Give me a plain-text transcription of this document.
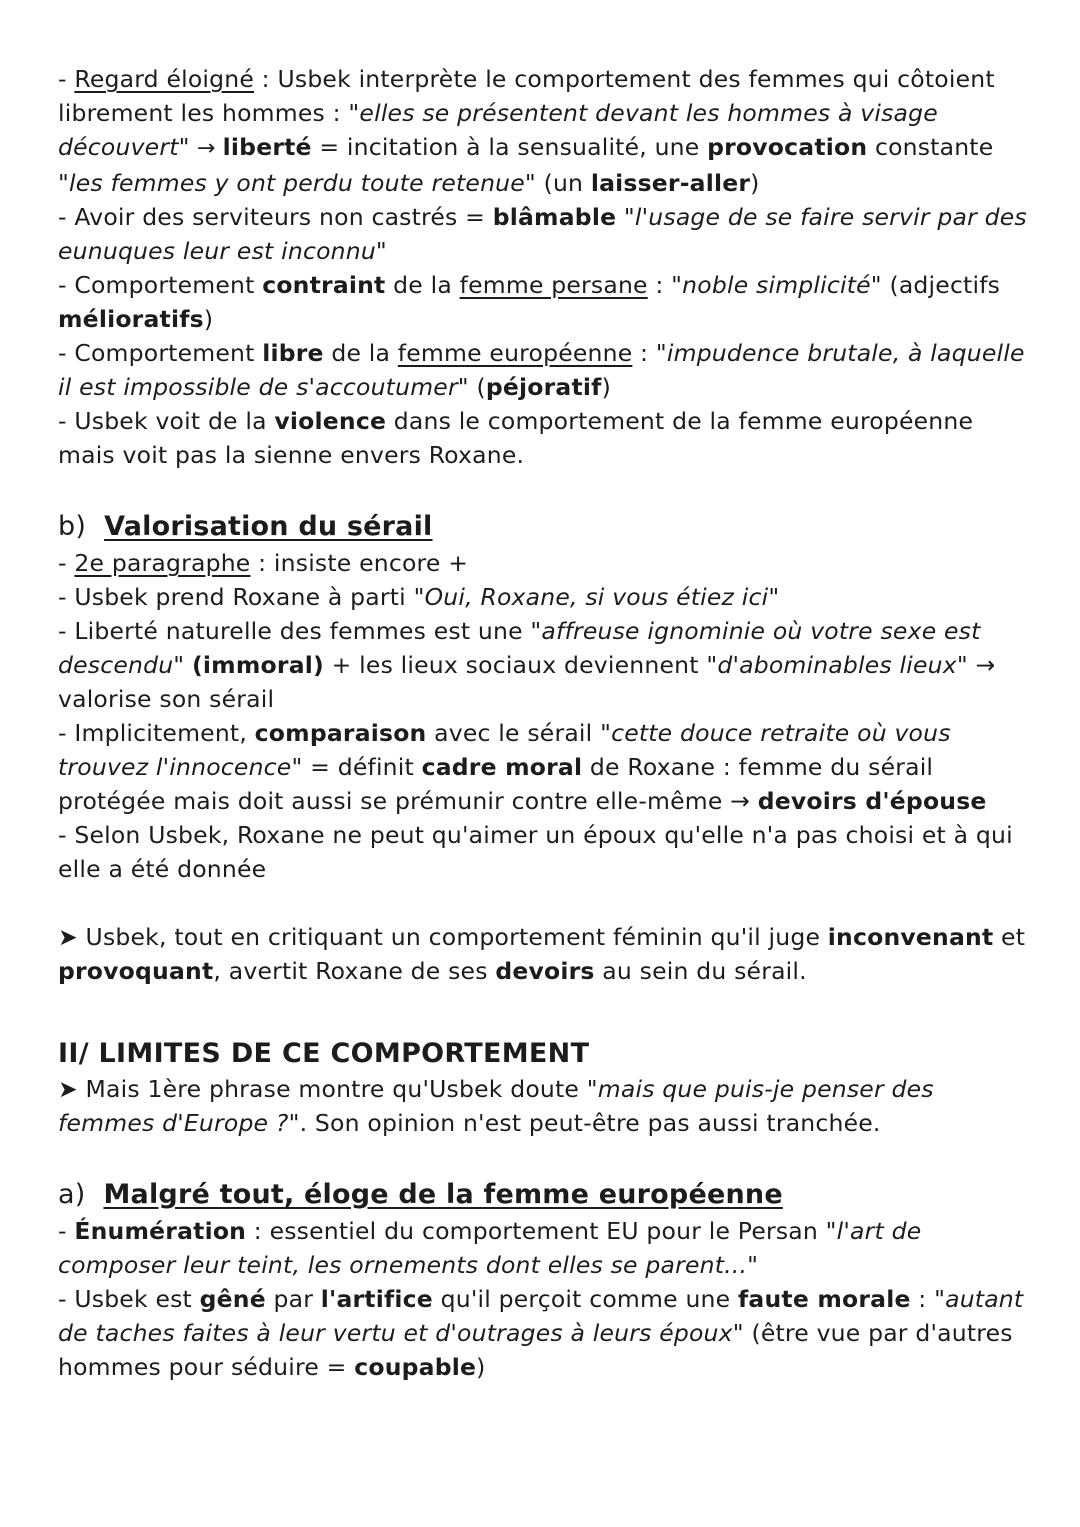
- Regard éloigné : Usbek interprète le comportement des femmes qui côtoient librement les hommes : "elles se présentent devant les hommes à visage découvert" → liberté = incitation à la sensualité, une provocation constante "les femmes y ont perdu toute retenue" (un laisser-aller)

- Avoir des serviteurs non castrés = blâmable "l'usage de se faire servir par des eunuques leur est inconnu"

- Comportement contraint de la femme persane : "noble simplicité" (adjectifs mélioratifs)

- Comportement libre de la femme européenne : "impudence brutale, à laquelle il est impossible de s'accoutumer" (péjoratif)

- Usbek voit de la violence dans le comportement de la femme européenne mais voit pas la sienne envers Roxane.

b) Valorisation du sérail

- 2e paragraphe : insiste encore +

- Usbek prend Roxane à parti "Oui, Roxane, si vous étiez ici"

- Liberté naturelle des femmes est une "affreuse ignominie où votre sexe est descendu" (immoral) + les lieux sociaux deviennent "d'abominables lieux" → valorise son sérail

- Implicitement, comparaison avec le sérail "cette douce retraite où vous trouvez l'innocence" = définit cadre moral de Roxane : femme du sérail protégée mais doit aussi se prémunir contre elle-même → devoirs d'épouse

- Selon Usbek, Roxane ne peut qu'aimer un époux qu'elle n'a pas choisi et à qui elle a été donnée

➤ Usbek, tout en critiquant un comportement féminin qu'il juge inconvenant et provoquant, avertit Roxane de ses devoirs au sein du sérail.

II/ LIMITES DE CE COMPORTEMENT

➤ Mais 1ère phrase montre qu'Usbek doute "mais que puis-je penser des femmes d'Europe ?". Son opinion n'est peut-être pas aussi tranchée.

a) Malgré tout, éloge de la femme européenne

- Énumération : essentiel du comportement EU pour le Persan "l'art de composer leur teint, les ornements dont elles se parent..."

- Usbek est gêné par l'artifice qu'il perçoit comme une faute morale : "autant de taches faites à leur vertu et d'outrages à leurs époux" (être vue par d'autres hommes pour séduire = coupable)
